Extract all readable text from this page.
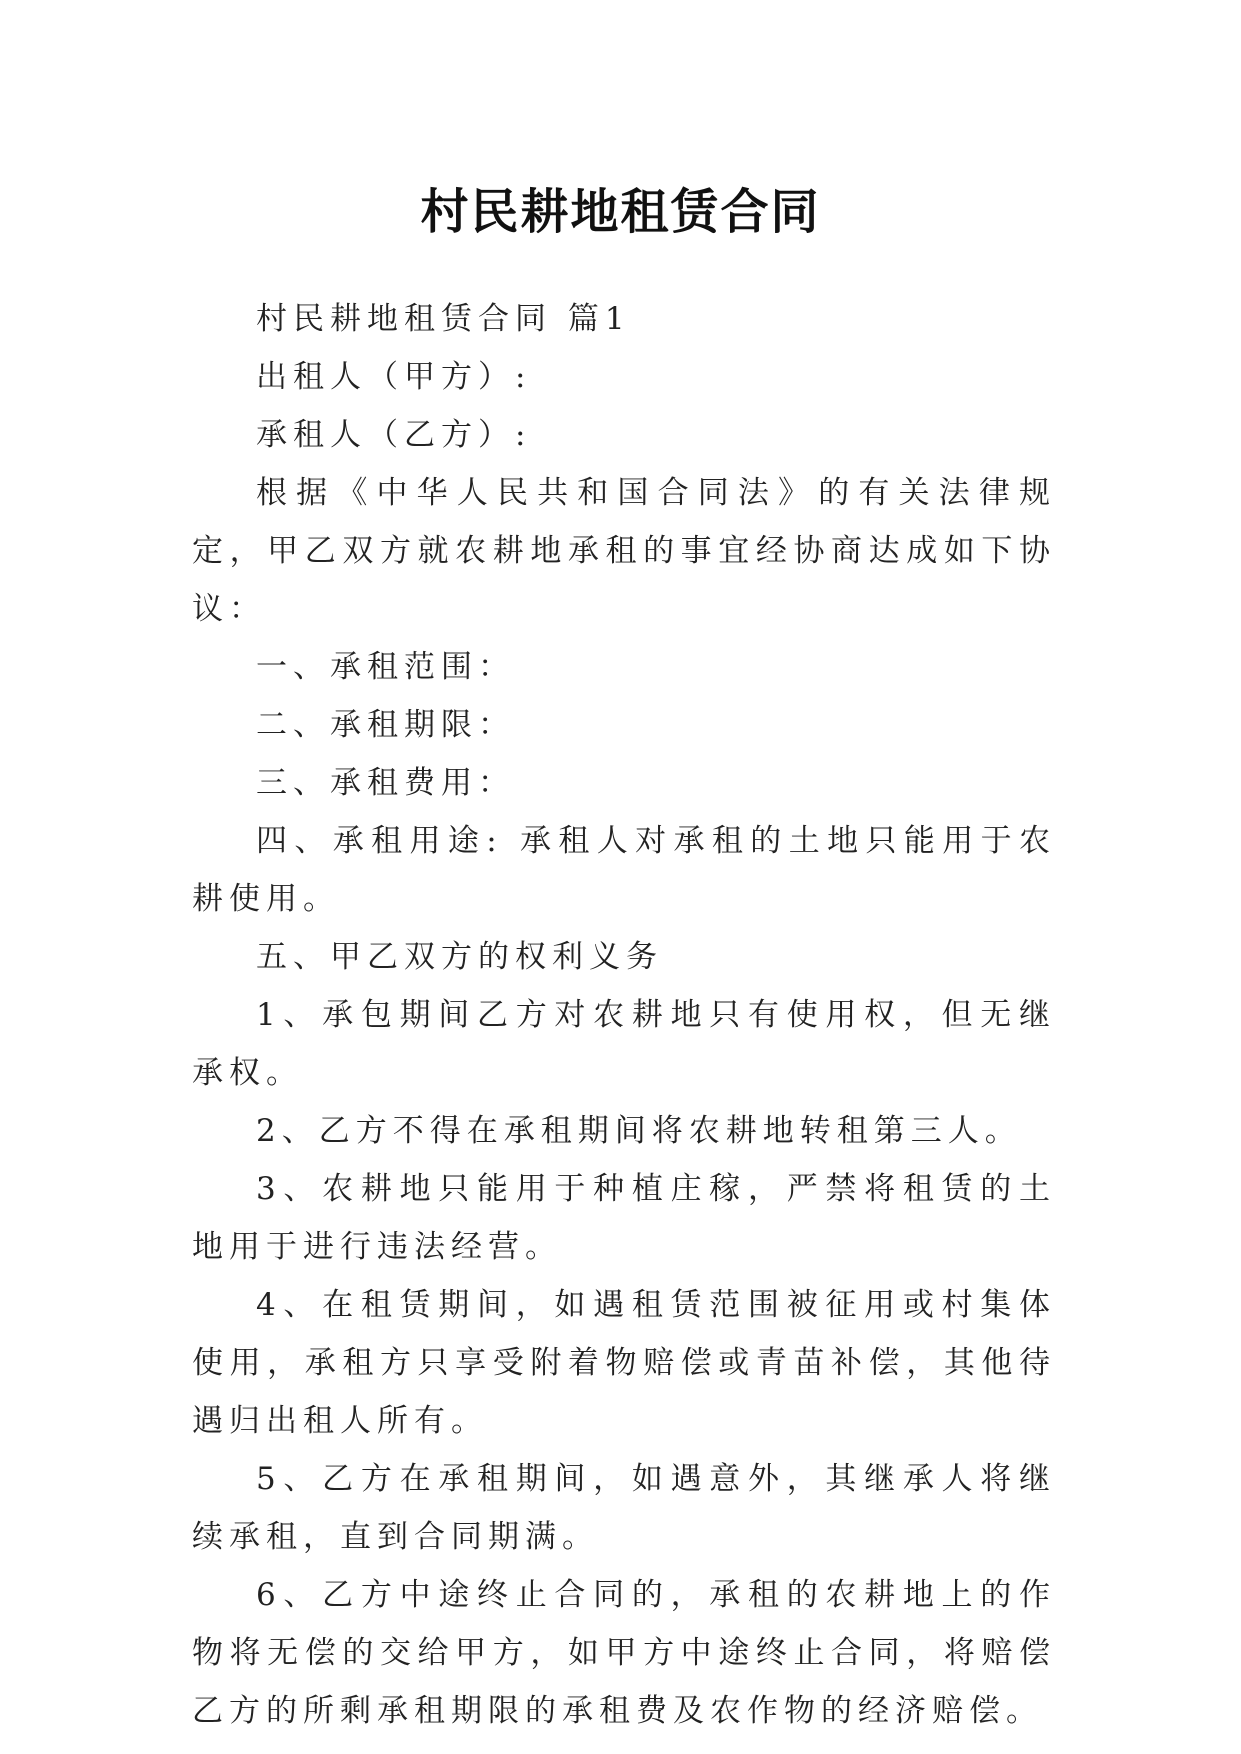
村民耕地租赁合同

村民耕地租赁合同 篇1

出租人（甲方）:

承租人（乙方）:

根据《中华人民共和国合同法》的有关法律规定，甲乙双方就农耕地承租的事宜经协商达成如下协议：

一、承租范围：

二、承租期限：

三、承租费用：

四、承租用途: 承租人对承租的土地只能用于农耕使用。

五、甲乙双方的权利义务

1、承包期间乙方对农耕地只有使用权，但无继承权。

2、乙方不得在承租期间将农耕地转租第三人。

3、农耕地只能用于种植庄稼，严禁将租赁的土地用于进行违法经营。

4、在租赁期间，如遇租赁范围被征用或村集体使用，承租方只享受附着物赔偿或青苗补偿，其他待遇归出租人所有。

5、乙方在承租期间，如遇意外，其继承人将继续承租，直到合同期满。

6、乙方中途终止合同的，承租的农耕地上的作物将无偿的交给甲方，如甲方中途终止合同，将赔偿乙方的所剩承租期限的承租费及农作物的经济赔偿。
